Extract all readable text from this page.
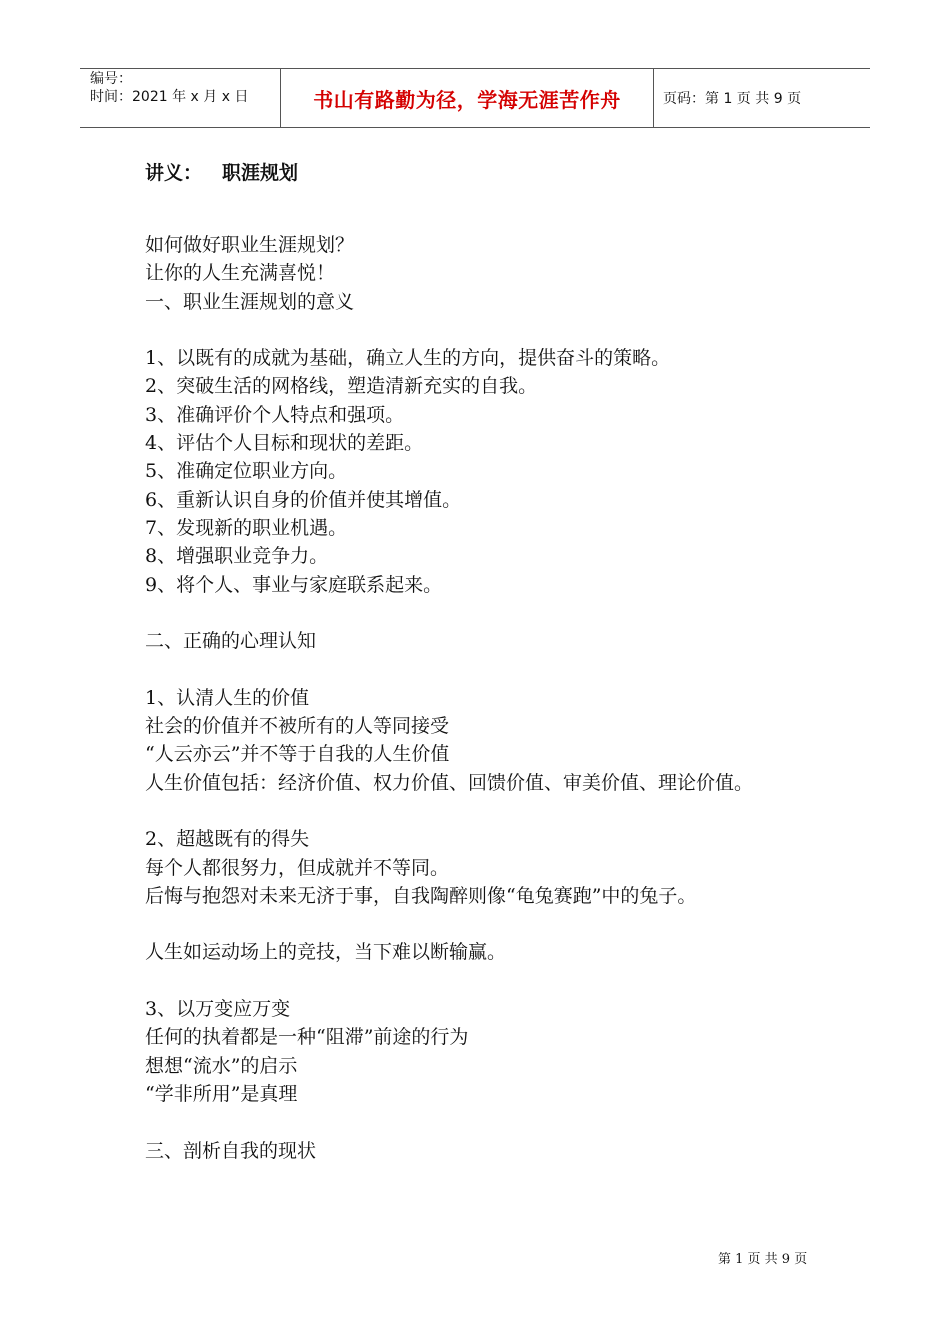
编号：
时间：2021 年 x 月 x 日	书山有路勤为径，学海无涯苦作舟	页码：第 1 页 共 9 页
讲义： 职涯规划
如何做好职业生涯规划？
让你的人生充满喜悦！
一、职业生涯规划的意义
1、以既有的成就为基础，确立人生的方向，提供奋斗的策略。
2、突破生活的网格线，塑造清新充实的自我。
3、准确评价个人特点和强项。
4、评估个人目标和现状的差距。
5、准确定位职业方向。
6、重新认识自身的价值并使其增值。
7、发现新的职业机遇。
8、增强职业竞争力。
9、将个人、事业与家庭联系起来。
二、正确的心理认知
1、认清人生的价值
社会的价值并不被所有的人等同接受
“人云亦云”并不等于自我的人生价值
人生价值包括：经济价值、权力价值、回馈价值、审美价值、理论价值。
2、超越既有的得失
每个人都很努力，但成就并不等同。
后悔与抱怨对未来无济于事，自我陶醉则像“龟兔赛跑”中的兔子。
人生如运动场上的竞技，当下难以断输赢。
3、以万变应万变
任何的执着都是一种“阻滞”前途的行为
想想“流水”的启示
“学非所用”是真理
三、剖析自我的现状
第 1 页 共 9 页
